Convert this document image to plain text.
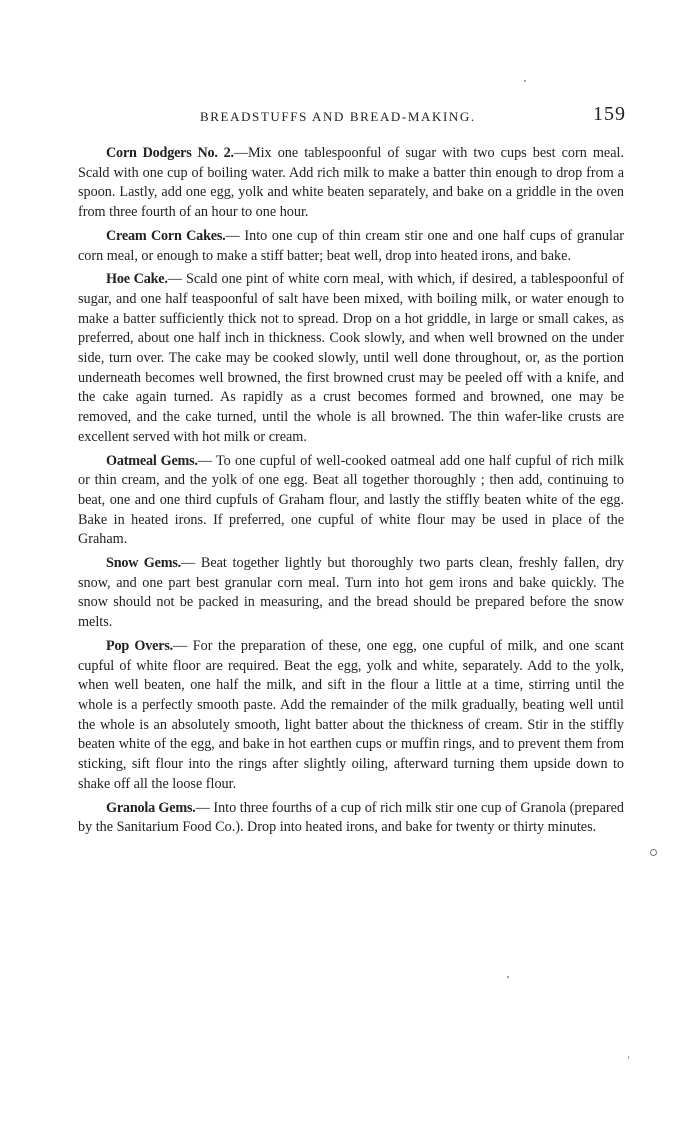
BREADSTUFFS AND BREAD-MAKING.	159

Corn Dodgers No. 2.—Mix one tablespoonful of sugar with two cups best corn meal. Scald with one cup of boiling water. Add rich milk to make a batter thin enough to drop from a spoon. Lastly, add one egg, yolk and white beaten separately, and bake on a griddle in the oven from three fourth of an hour to one hour.

Cream Corn Cakes.— Into one cup of thin cream stir one and one half cups of granular corn meal, or enough to make a stiff batter; beat well, drop into heated irons, and bake.

Hoe Cake.— Scald one pint of white corn meal, with which, if desired, a tablespoonful of sugar, and one half teaspoonful of salt have been mixed, with boiling milk, or water enough to make a batter sufficiently thick not to spread. Drop on a hot griddle, in large or small cakes, as preferred, about one half inch in thickness. Cook slowly, and when well browned on the under side, turn over. The cake may be cooked slowly, until well done throughout, or, as the portion underneath becomes well browned, the first browned crust may be peeled off with a knife, and the cake again turned. As rapidly as a crust becomes formed and browned, one may be removed, and the cake turned, until the whole is all browned. The thin wafer-like crusts are excellent served with hot milk or cream.

Oatmeal Gems.— To one cupful of well-cooked oatmeal add one half cupful of rich milk or thin cream, and the yolk of one egg. Beat all together thoroughly ; then add, continuing to beat, one and one third cupfuls of Graham flour, and lastly the stiffly beaten white of the egg. Bake in heated irons. If preferred, one cupful of white flour may be used in place of the Graham.

Snow Gems.— Beat together lightly but thoroughly two parts clean, freshly fallen, dry snow, and one part best granular corn meal. Turn into hot gem irons and bake quickly. The snow should not be packed in measuring, and the bread should be prepared before the snow melts.

Pop Overs.— For the preparation of these, one egg, one cupful of milk, and one scant cupful of white floor are required. Beat the egg, yolk and white, separately. Add to the yolk, when well beaten, one half the milk, and sift in the flour a little at a time, stirring until the whole is a perfectly smooth paste. Add the remainder of the milk gradually, beating well until the whole is an absolutely smooth, light batter about the thickness of cream. Stir in the stiffly beaten white of the egg, and bake in hot earthen cups or muffin rings, and to prevent them from sticking, sift flour into the rings after slightly oiling, afterward turning them upside down to shake off all the loose flour.

Granola Gems.— Into three fourths of a cup of rich milk stir one cup of Granola (prepared by the Sanitarium Food Co.). Drop into heated irons, and bake for twenty or thirty minutes.
